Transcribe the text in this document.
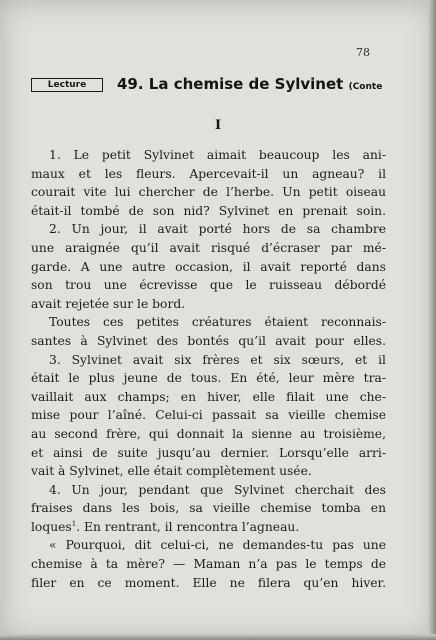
78
Lecture	49. La chemise de Sylvinet (Conte
I
1. Le petit Sylvinet aimait beaucoup les ani-
maux et les fleurs. Apercevait-il un agneau? il
courait vite lui chercher de l’herbe. Un petit oiseau
était-il tombé de son nid? Sylvinet en prenait soin.
2. Un jour, il avait porté hors de sa chambre
une araignée qu’il avait risqué d’écraser par mé-
garde. A une autre occasion, il avait reporté dans
son trou une écrevisse que le ruisseau débordé
avait rejetée sur le bord.
Toutes ces petites créatures étaient reconnais-
santes à Sylvinet des bontés qu’il avait pour elles.
3. Sylvinet avait six frères et six sœurs, et il
était le plus jeune de tous. En été, leur mère tra-
vaillait aux champs; en hiver, elle filait une che-
mise pour l’aîné. Celui-ci passait sa vieille chemise
au second frère, qui donnait la sienne au troisième,
et ainsi de suite jusqu’au dernier. Lorsqu’elle arri-
vait à Sylvinet, elle était complètement usée.
4. Un jour, pendant que Sylvinet cherchait des
fraises dans les bois, sa vieille chemise tomba en
loques$^1$. En rentrant, il rencontra l’agneau.
« Pourquoi, dit celui-ci, ne demandes-tu pas une
chemise à ta mère? — Maman n’a pas le temps de
filer en ce moment. Elle ne filera qu’en hiver.
